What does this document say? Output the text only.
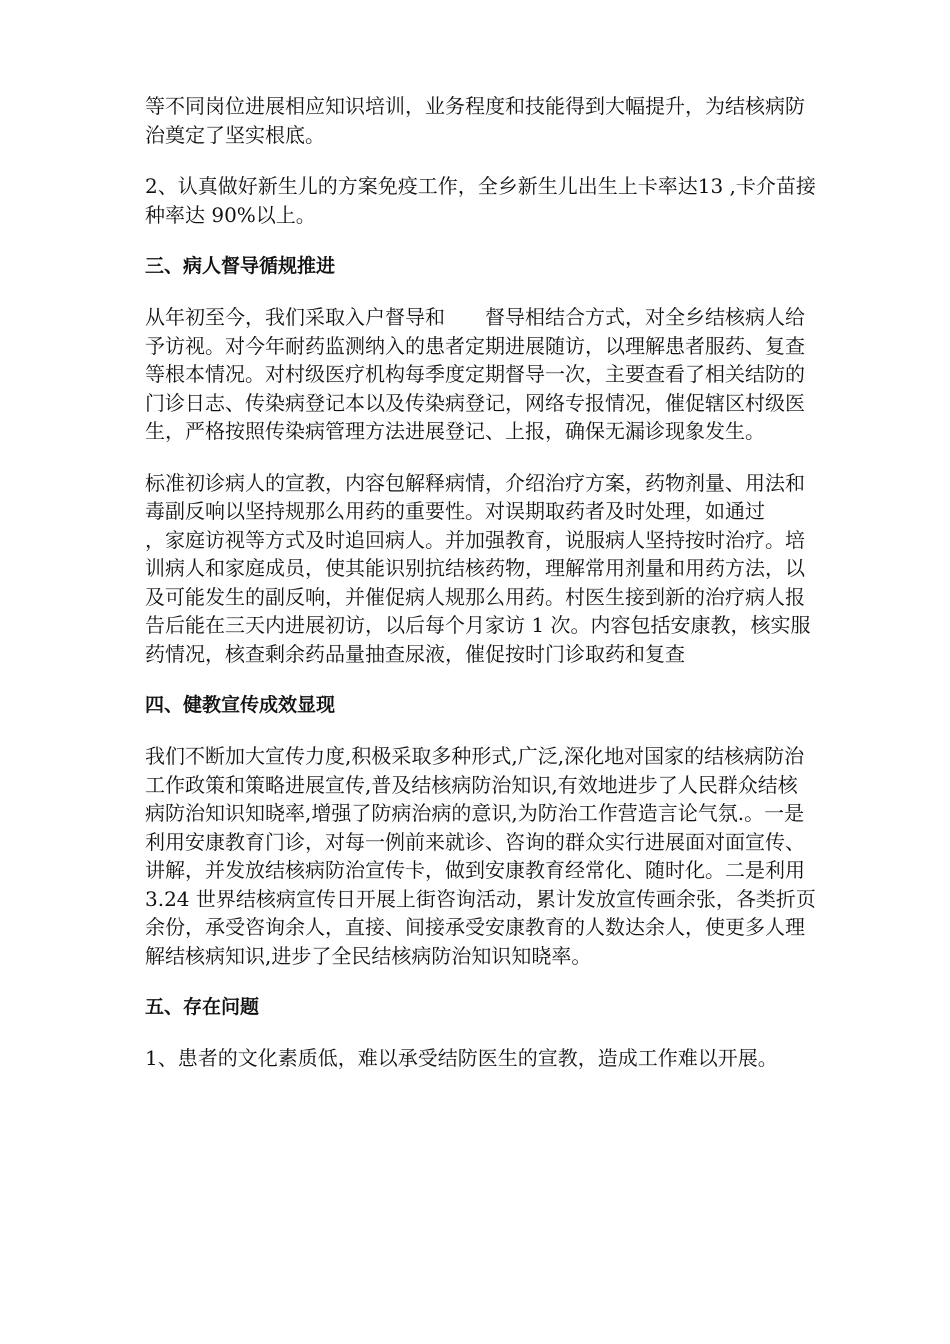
等不同岗位进展相应知识培训，业务程度和技能得到大幅提升，为结核病防治奠定了坚实根底。

2、认真做好新生儿的方案免疫工作，全乡新生儿出生上卡率达13 ,卡介苗接种率达 90%以上。

三、病人督导循规推进

从年初至今，我们采取入户督导和　　督导相结合方式，对全乡结核病人给予访视。对今年耐药监测纳入的患者定期进展随访，以理解患者服药、复查等根本情况。对村级医疗机构每季度定期督导一次，主要查看了相关结防的门诊日志、传染病登记本以及传染病登记，网络专报情况，催促辖区村级医生，严格按照传染病管理方法进展登记、上报，确保无漏诊现象发生。

标准初诊病人的宣教，内容包解释病情，介绍治疗方案，药物剂量、用法和毒副反响以坚持规那么用药的重要性。对误期取药者及时处理，如通过　　，家庭访视等方式及时追回病人。并加强教育，说服病人坚持按时治疗。培训病人和家庭成员，使其能识别抗结核药物，理解常用剂量和用药方法，以及可能发生的副反响，并催促病人规那么用药。村医生接到新的治疗病人报告后能在三天内进展初访，以后每个月家访 1 次。内容包括安康教，核实服药情况，核查剩余药品量抽查尿液，催促按时门诊取药和复查

四、健教宣传成效显现

我们不断加大宣传力度,积极采取多种形式,广泛,深化地对国家的结核病防治工作政策和策略进展宣传,普及结核病防治知识,有效地进步了人民群众结核病防治知识知晓率,增强了防病治病的意识,为防治工作营造言论气氛.。一是利用安康教育门诊，对每一例前来就诊、咨询的群众实行进展面对面宣传、讲解，并发放结核病防治宣传卡，做到安康教育经常化、随时化。二是利用 3.24 世界结核病宣传日开展上街咨询活动，累计发放宣传画余张，各类折页余份，承受咨询余人，直接、间接承受安康教育的人数达余人，使更多人理解结核病知识,进步了全民结核病防治知识知晓率。

五、存在问题

1、患者的文化素质低，难以承受结防医生的宣教，造成工作难以开展。
